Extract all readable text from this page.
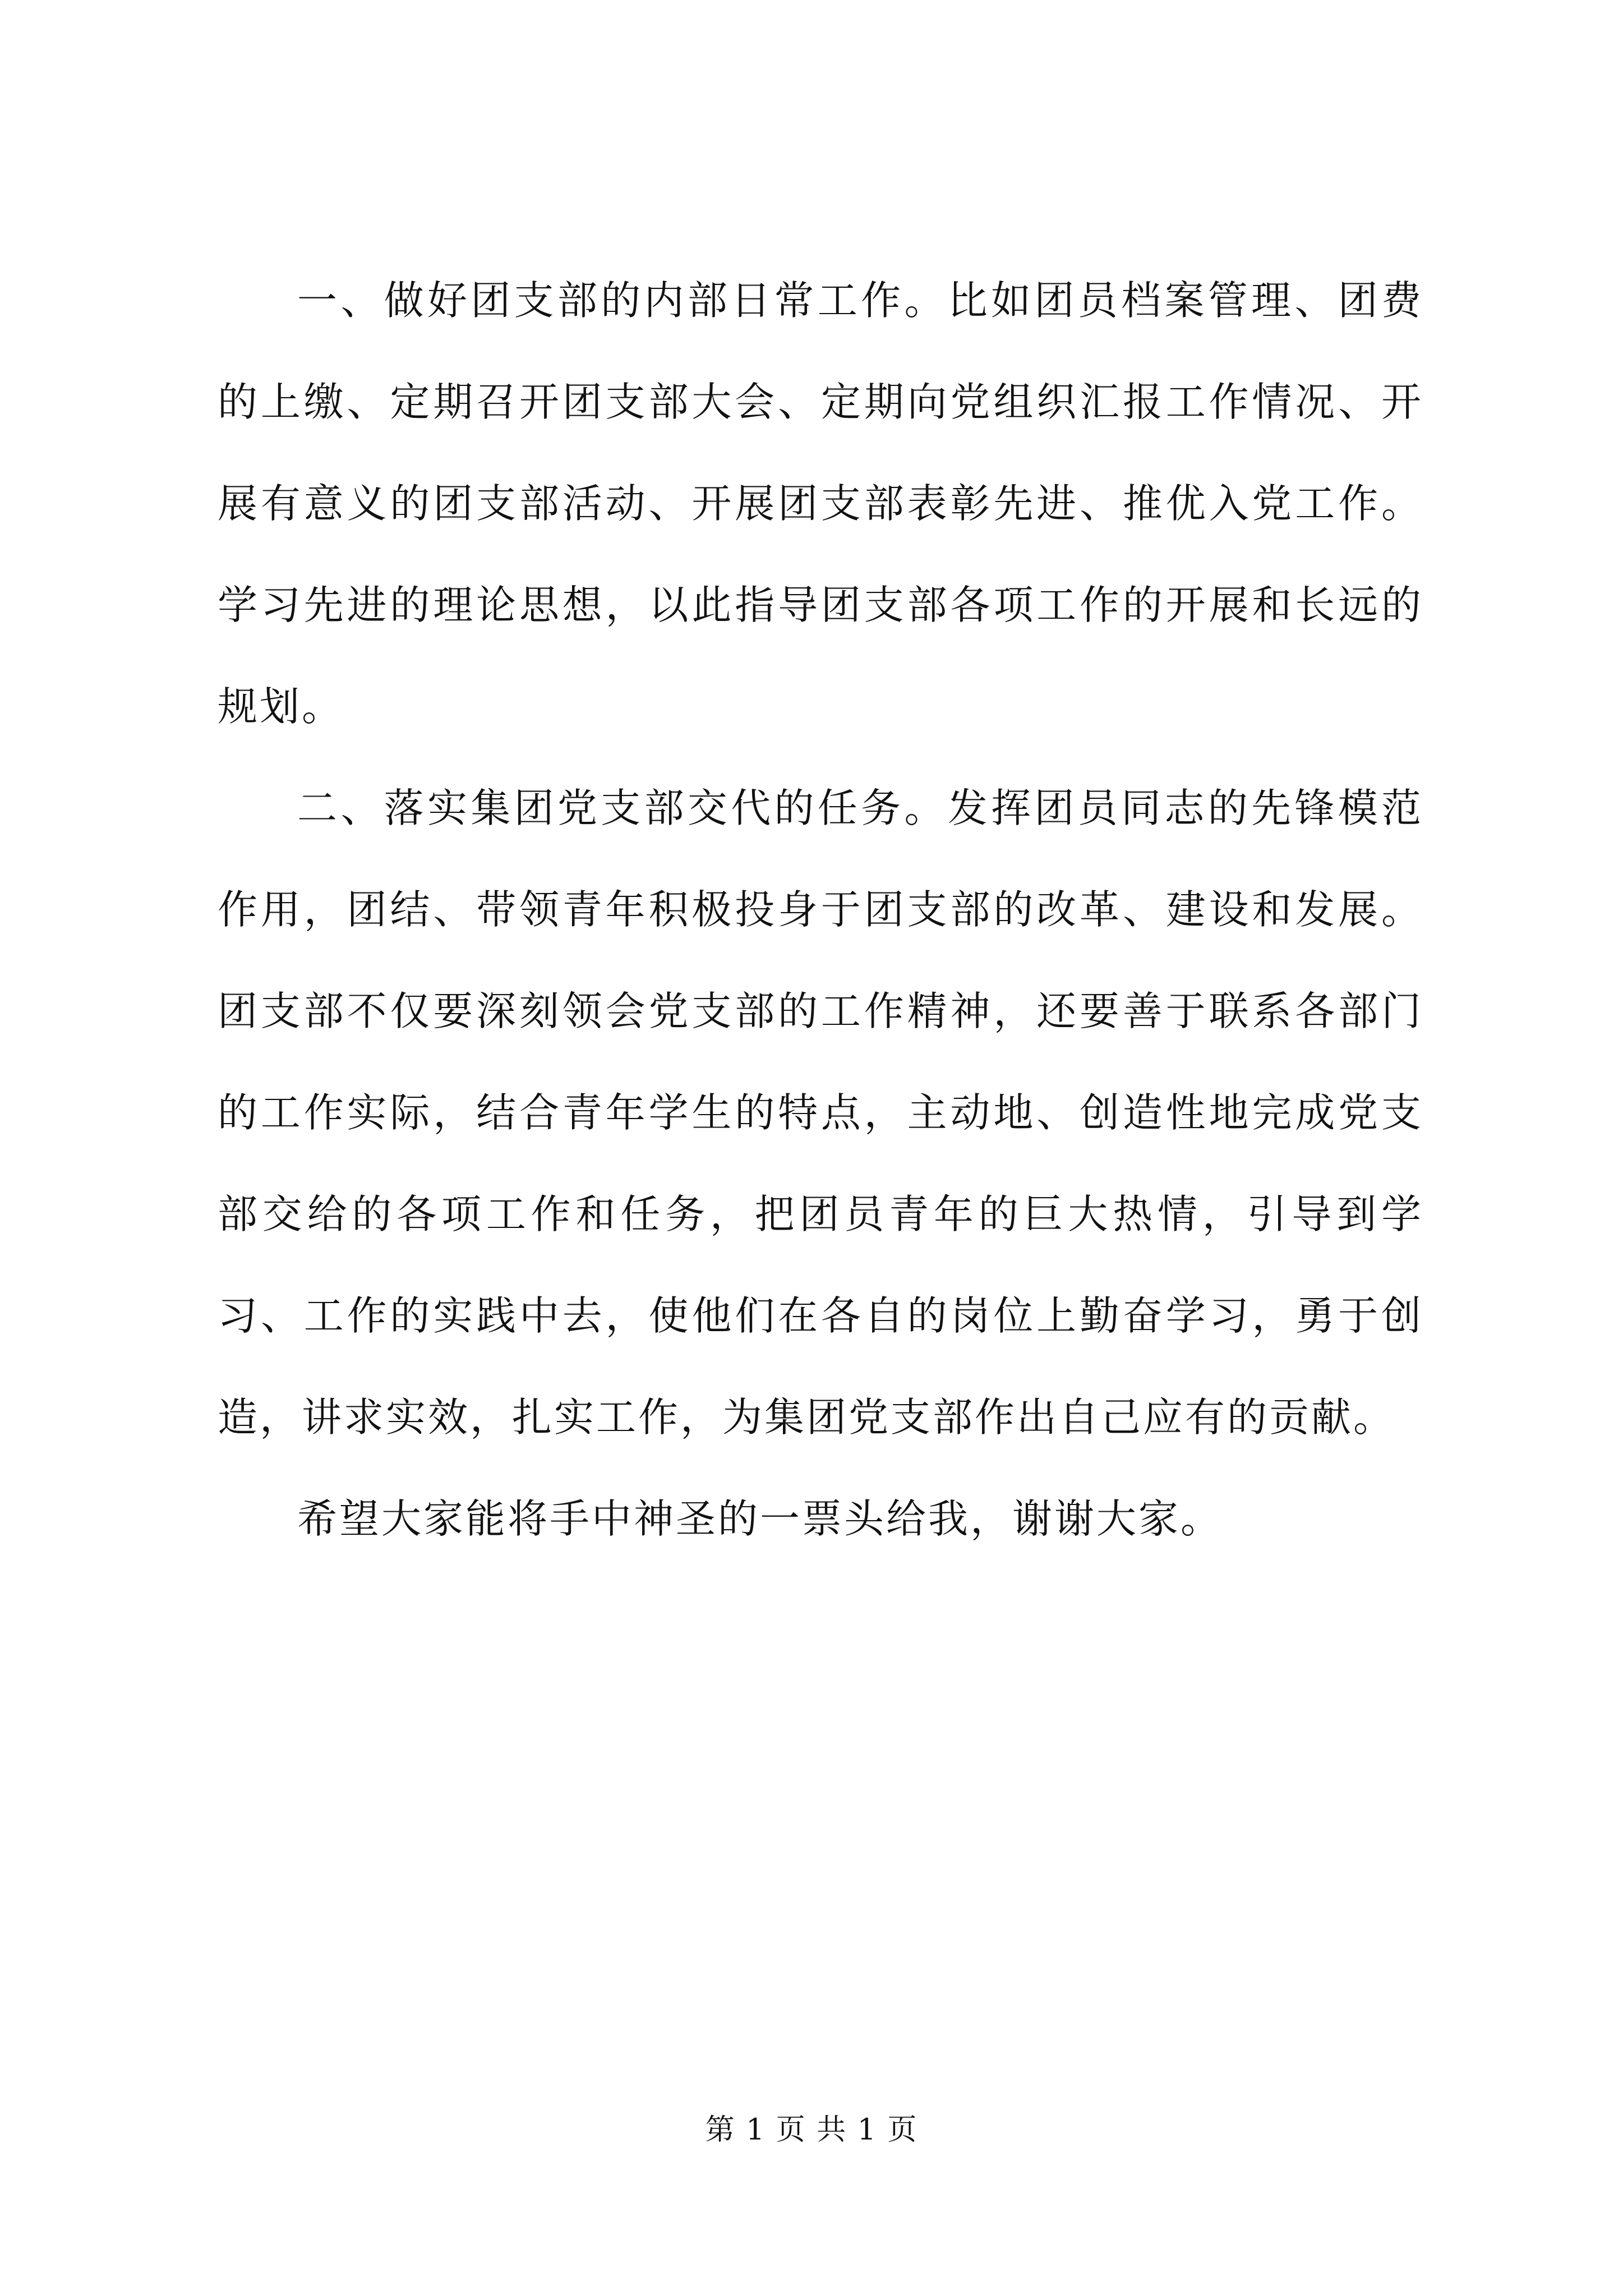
一、做好团支部的内部日常工作。比如团员档案管理、团费的上缴、定期召开团支部大会、定期向党组织汇报工作情况、开展有意义的团支部活动、开展团支部表彰先进、推优入党工作。学习先进的理论思想，以此指导团支部各项工作的开展和长远的规划。

二、落实集团党支部交代的任务。发挥团员同志的先锋模范作用，团结、带领青年积极投身于团支部的改革、建设和发展。团支部不仅要深刻领会党支部的工作精神，还要善于联系各部门的工作实际，结合青年学生的特点，主动地、创造性地完成党支部交给的各项工作和任务，把团员青年的巨大热情，引导到学习、工作的实践中去，使他们在各自的岗位上勤奋学习，勇于创造，讲求实效，扎实工作，为集团党支部作出自己应有的贡献。

希望大家能将手中神圣的一票头给我，谢谢大家。

第 1 页 共 1 页
